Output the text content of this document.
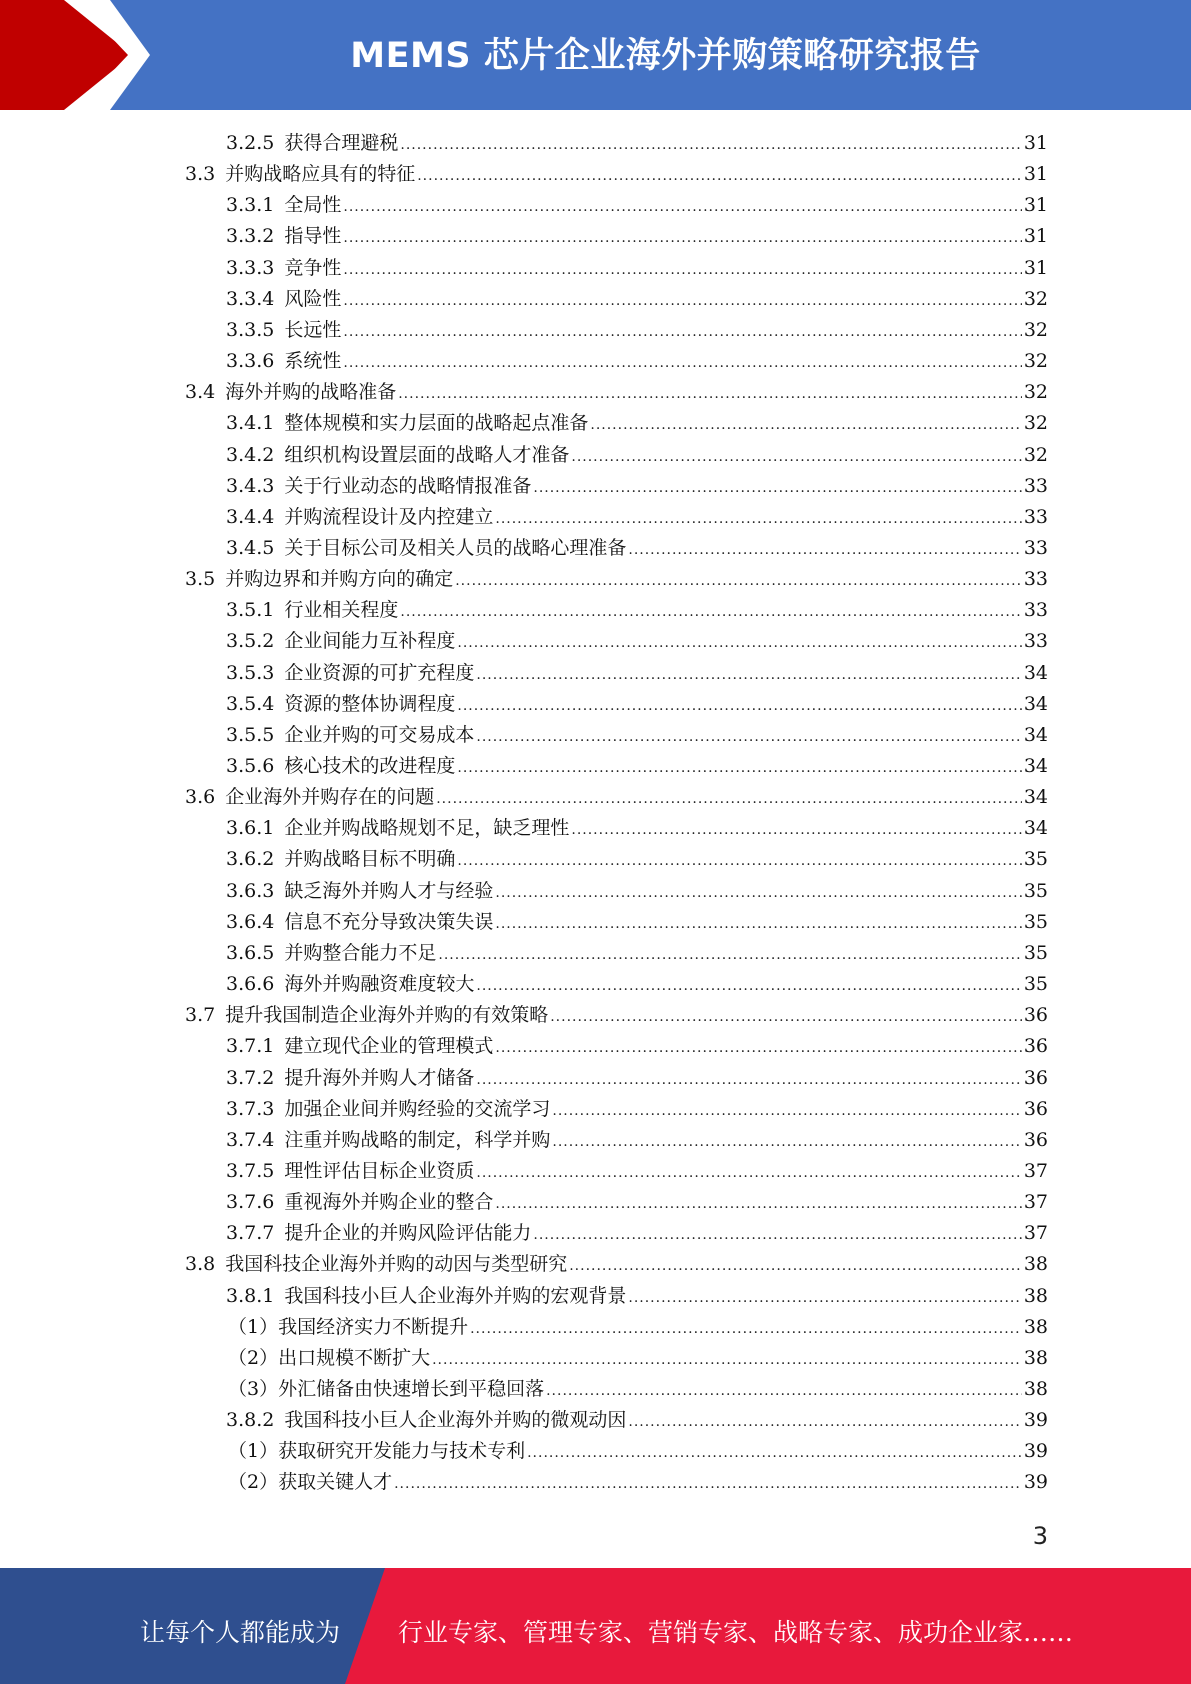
MEMS 芯片企业海外并购策略研究报告
3.2.5 获得合理避税 .....	31
3.3 并购战略应具有的特征 .....	31
3.3.1 全局性 .....	31
3.3.2 指导性 .....	31
3.3.3 竞争性 .....	31
3.3.4 风险性 .....	32
3.3.5 长远性 .....	32
3.3.6 系统性 .....	32
3.4 海外并购的战略准备 .....	32
3.4.1 整体规模和实力层面的战略起点准备 .....	32
3.4.2 组织机构设置层面的战略人才准备 .....	32
3.4.3 关于行业动态的战略情报准备 .....	33
3.4.4 并购流程设计及内控建立 .....	33
3.4.5 关于目标公司及相关人员的战略心理准备 .....	33
3.5 并购边界和并购方向的确定 .....	33
3.5.1 行业相关程度 .....	33
3.5.2 企业间能力互补程度 .....	33
3.5.3 企业资源的可扩充程度 .....	34
3.5.4 资源的整体协调程度 .....	34
3.5.5 企业并购的可交易成本 .....	34
3.5.6 核心技术的改进程度 .....	34
3.6 企业海外并购存在的问题 .....	34
3.6.1 企业并购战略规划不足，缺乏理性 .....	34
3.6.2 并购战略目标不明确 .....	35
3.6.3 缺乏海外并购人才与经验 .....	35
3.6.4 信息不充分导致决策失误 .....	35
3.6.5 并购整合能力不足 .....	35
3.6.6 海外并购融资难度较大 .....	35
3.7 提升我国制造企业海外并购的有效策略 .....	36
3.7.1 建立现代企业的管理模式 .....	36
3.7.2 提升海外并购人才储备 .....	36
3.7.3 加强企业间并购经验的交流学习 .....	36
3.7.4 注重并购战略的制定，科学并购 .....	36
3.7.5 理性评估目标企业资质 .....	37
3.7.6 重视海外并购企业的整合 .....	37
3.7.7 提升企业的并购风险评估能力 .....	37
3.8 我国科技企业海外并购的动因与类型研究 .....	38
3.8.1 我国科技小巨人企业海外并购的宏观背景 .....	38
（1） 我国经济实力不断提升 .....	38
（2） 出口规模不断扩大 .....	38
（3） 外汇储备由快速增长到平稳回落 .....	38
3.8.2 我国科技小巨人企业海外并购的微观动因 .....	39
（1） 获取研究开发能力与技术专利 .....	39
（2） 获取关键人才 .....	39
3
让每个人都能成为 行业专家、管理专家、营销专家、战略专家、成功企业家……
